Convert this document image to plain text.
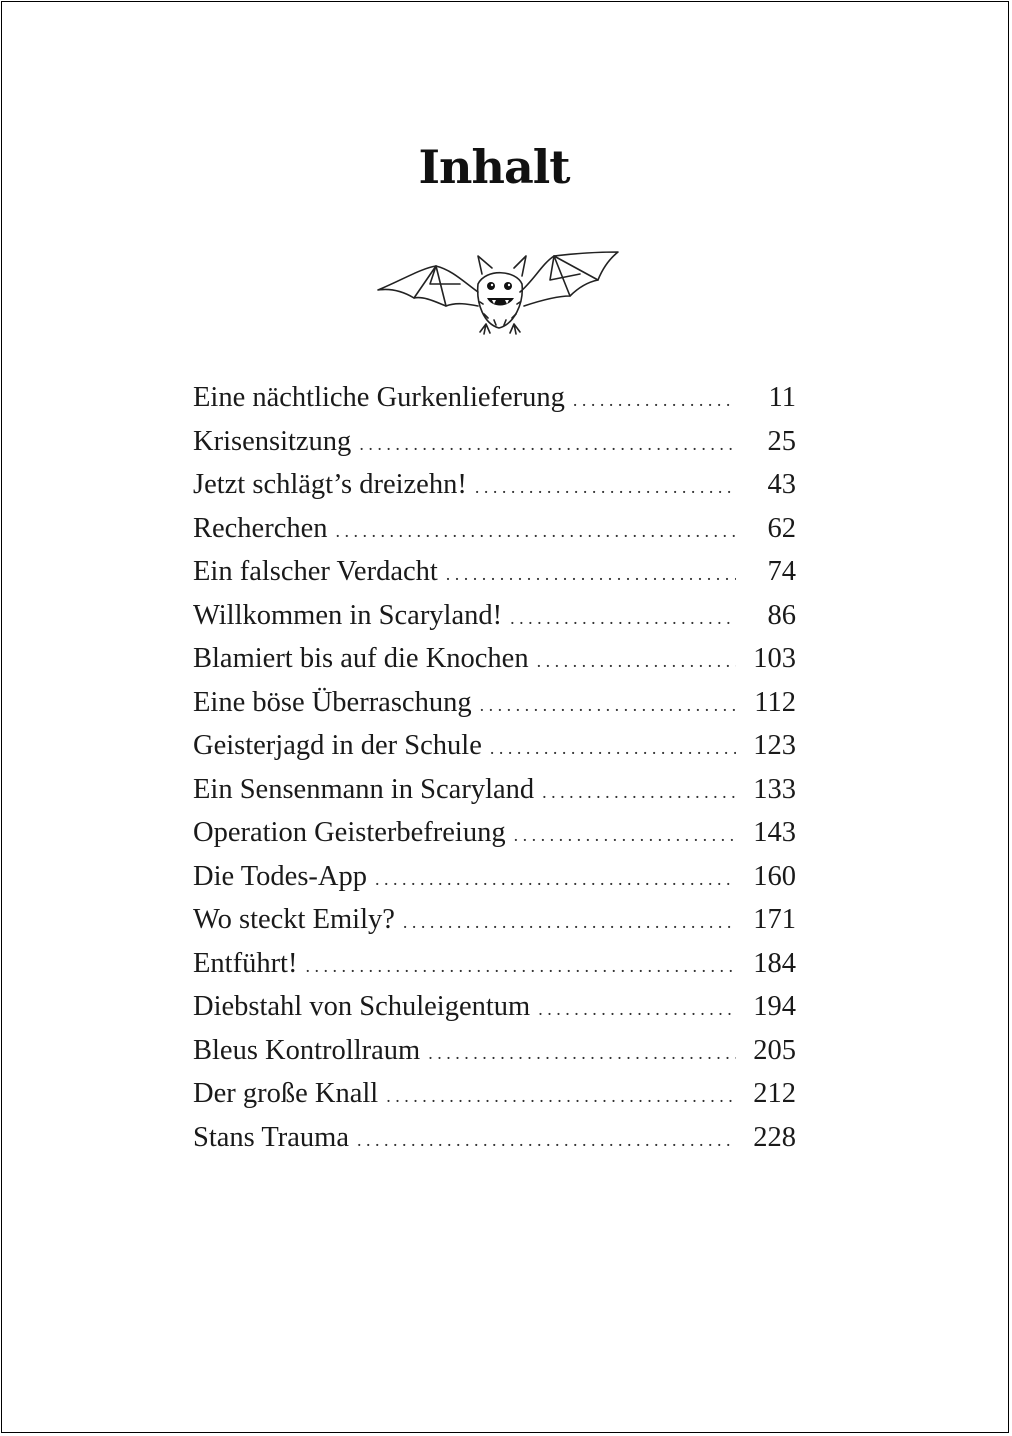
Inhalt
Eine nächtliche Gurkenlieferung . . .	11
Krisensitzung . . .	25
Jetzt schlägt’s dreizehn! . . .	43
Recherchen . . .	62
Ein falscher Verdacht . . .	74
Willkommen in Scaryland! . . .	86
Blamiert bis auf die Knochen . . .	103
Eine böse Überraschung . . .	112
Geisterjagd in der Schule . . .	123
Ein Sensenmann in Scaryland . . .	133
Operation Geisterbefreiung . . .	143
Die Todes-App . . .	160
Wo steckt Emily? . . .	171
Entführt! . . .	184
Diebstahl von Schuleigentum . . .	194
Bleus Kontrollraum . . .	205
Der große Knall . . .	212
Stans Trauma . . .	228
